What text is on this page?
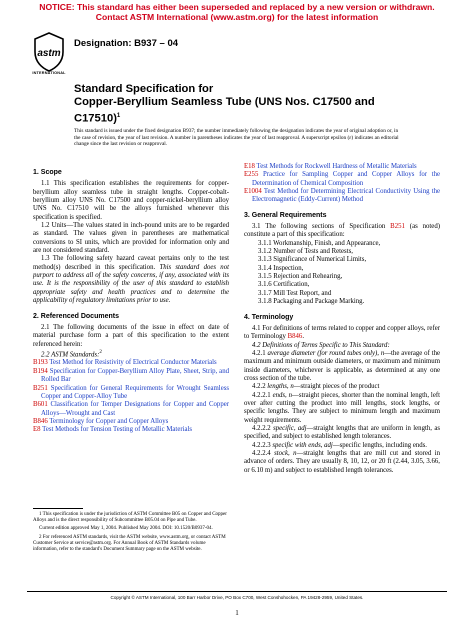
NOTICE: This standard has either been superseded and replaced by a new version or withdrawn.
Contact ASTM International (www.astm.org) for the latest information
astm
INTERNATIONAL
Designation: B937 – 04
Standard Specification for
Copper-Beryllium Seamless Tube (UNS Nos. C17500 and
C17510)$^1$
This standard is issued under the fixed designation B937; the number immediately following the designation indicates the year of original adoption or, in the case of revision, the year of last revision. A number in parentheses indicates the year of last reapproval. A superscript epsilon (ε) indicates an editorial change since the last revision or reapproval.

1. Scope

1.1 This specification establishes the requirements for copper-beryllium alloy seamless tube in straight lengths. Copper-cobalt-beryllium alloy UNS No. C17500 and copper-nickel-beryllium alloy UNS No. C17510 will be the alloys furnished whenever this specification is specified.

1.2 Units—The values stated in inch-pound units are to be regarded as standard. The values given in parentheses are mathematical conversions to SI units, which are provided for information only and are not considered standard.

1.3 The following safety hazard caveat pertains only to the test method(s) described in this specification. This standard does not purport to address all of the safety concerns, if any, associated with its use. It is the responsibility of the user of this standard to establish appropriate safety and health practices and to determine the applicability of regulatory limitations prior to use.

2. Referenced Documents

2.1 The following documents of the issue in effect on date of material purchase form a part of this specification to the extent referenced herein:

2.2 ASTM Standards:$^2$

B193 Test Method for Resistivity of Electrical Conductor Materials

B194 Specification for Copper-Beryllium Alloy Plate, Sheet, Strip, and Rolled Bar

B251 Specification for General Requirements for Wrought Seamless Copper and Copper-Alloy Tube

B601 Classification for Temper Designations for Copper and Copper Alloys—Wrought and Cast

B846 Terminology for Copper and Copper Alloys

E8 Test Methods for Tension Testing of Metallic Materials

1 This specification is under the jurisdiction of ASTM Committee B05 on Copper and Copper Alloys and is the direct responsibility of Subcommittee B05.04 on Pipe and Tube.

Current edition approved May 1, 2004. Published May 2004. DOI: 10.1520/B0937-04.

2 For referenced ASTM standards, visit the ASTM website, www.astm.org, or contact ASTM Customer Service at service@astm.org. For Annual Book of ASTM Standards volume information, refer to the standard's Document Summary page on the ASTM website.

E18 Test Methods for Rockwell Hardness of Metallic Materials

E255 Practice for Sampling Copper and Copper Alloys for the Determination of Chemical Composition

E1004 Test Method for Determining Electrical Conductivity Using the Electromagnetic (Eddy-Current) Method

3. General Requirements

3.1 The following sections of Specification B251 (as noted) constitute a part of this specification:

3.1.1 Workmanship, Finish, and Appearance,

3.1.2 Number of Tests and Retests,

3.1.3 Significance of Numerical Limits,

3.1.4 Inspection,

3.1.5 Rejection and Rehearing,

3.1.6 Certification,

3.1.7 Mill Test Report, and

3.1.8 Packaging and Package Marking.

4. Terminology

4.1 For definitions of terms related to copper and copper alloys, refer to Terminology B846.

4.2 Definitions of Terms Specific to This Standard:

4.2.1 average diameter (for round tubes only), n—the average of the maximum and minimum outside diameters, or maximum and minimum inside diameters, whichever is applicable, as determined at any one cross section of the tube.

4.2.2 lengths, n—straight pieces of the product

4.2.2.1 ends, n—straight pieces, shorter than the nominal length, left over after cutting the product into mill lengths, stock lengths, or specific lengths. They are subject to minimum length and maximum weight requirements.

4.2.2.2 specific, adj—straight lengths that are uniform in length, as specified, and subject to established length tolerances.

4.2.2.3 specific with ends, adj—specific lengths, including ends.

4.2.2.4 stock, n—straight lengths that are mill cut and stored in advance of orders. They are usually 8, 10, 12, or 20 ft (2.44, 3.05, 3.66, or 6.10 m) and subject to established length tolerances.

Copyright © ASTM International, 100 Barr Harbor Drive, PO Box C700, West Conshohocken, PA 19428-2959, United States.
1
